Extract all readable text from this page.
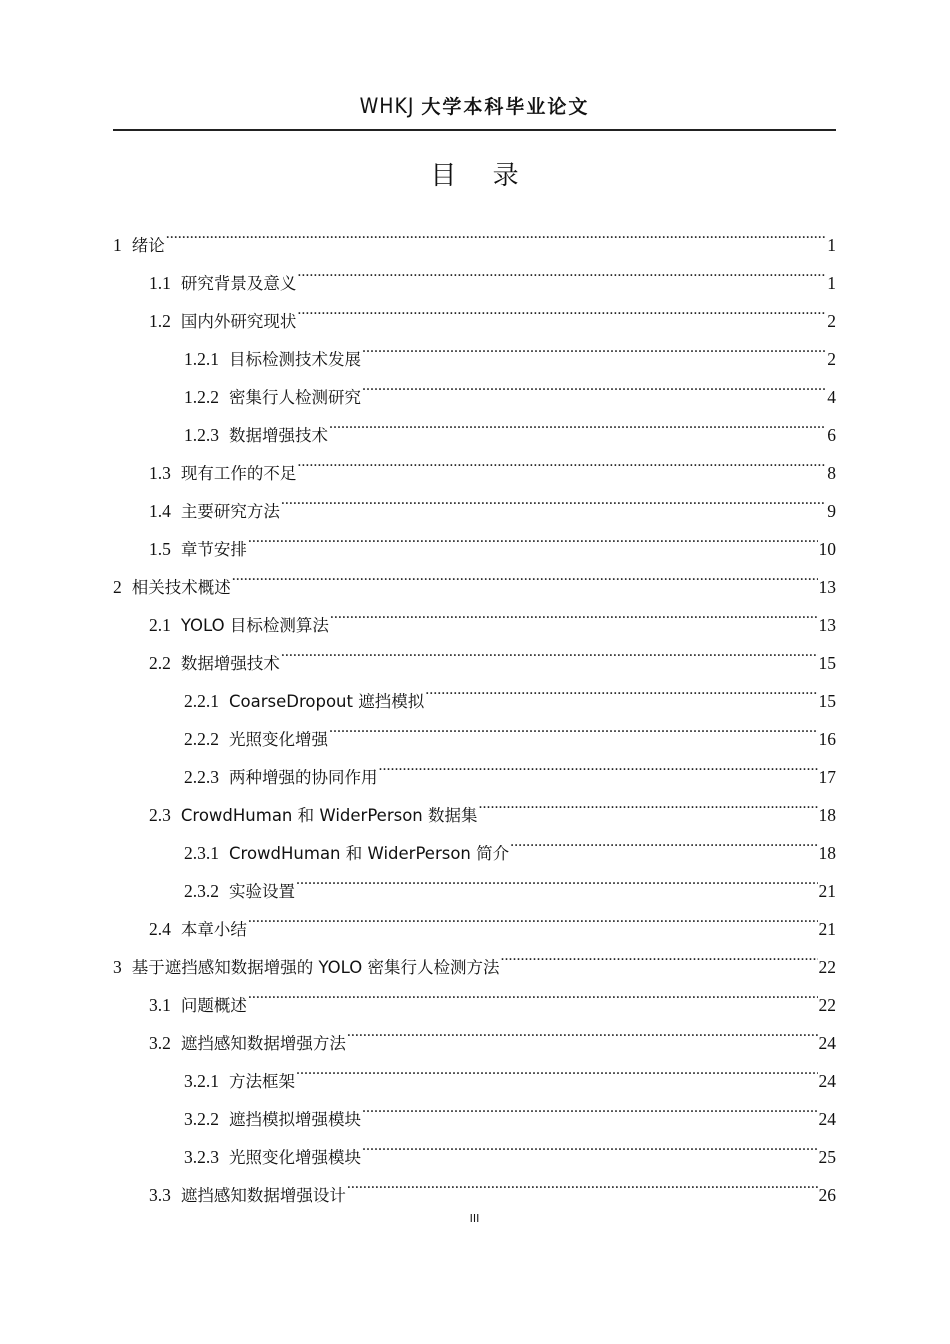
WHKJ 大学本科毕业论文
目 录
1 绪论 .....	1
1.1 研究背景及意义 .....	1
1.2 国内外研究现状 .....	2
1.2.1 目标检测技术发展 .....	2
1.2.2 密集行人检测研究 .....	4
1.2.3 数据增强技术 .....	6
1.3 现有工作的不足 .....	8
1.4 主要研究方法 .....	9
1.5 章节安排 .....	10
2 相关技术概述 .....	13
2.1 YOLO 目标检测算法 .....	13
2.2 数据增强技术 .....	15
2.2.1 CoarseDropout 遮挡模拟 .....	15
2.2.2 光照变化增强 .....	16
2.2.3 两种增强的协同作用 .....	17
2.3 CrowdHuman 和 WiderPerson 数据集 .....	18
2.3.1 CrowdHuman 和 WiderPerson 简介 .....	18
2.3.2 实验设置 .....	21
2.4 本章小结 .....	21
3 基于遮挡感知数据增强的 YOLO 密集行人检测方法 .....	22
3.1 问题概述 .....	22
3.2 遮挡感知数据增强方法 .....	24
3.2.1 方法框架 .....	24
3.2.2 遮挡模拟增强模块 .....	24
3.2.3 光照变化增强模块 .....	25
3.3 遮挡感知数据增强设计 .....	26
III
